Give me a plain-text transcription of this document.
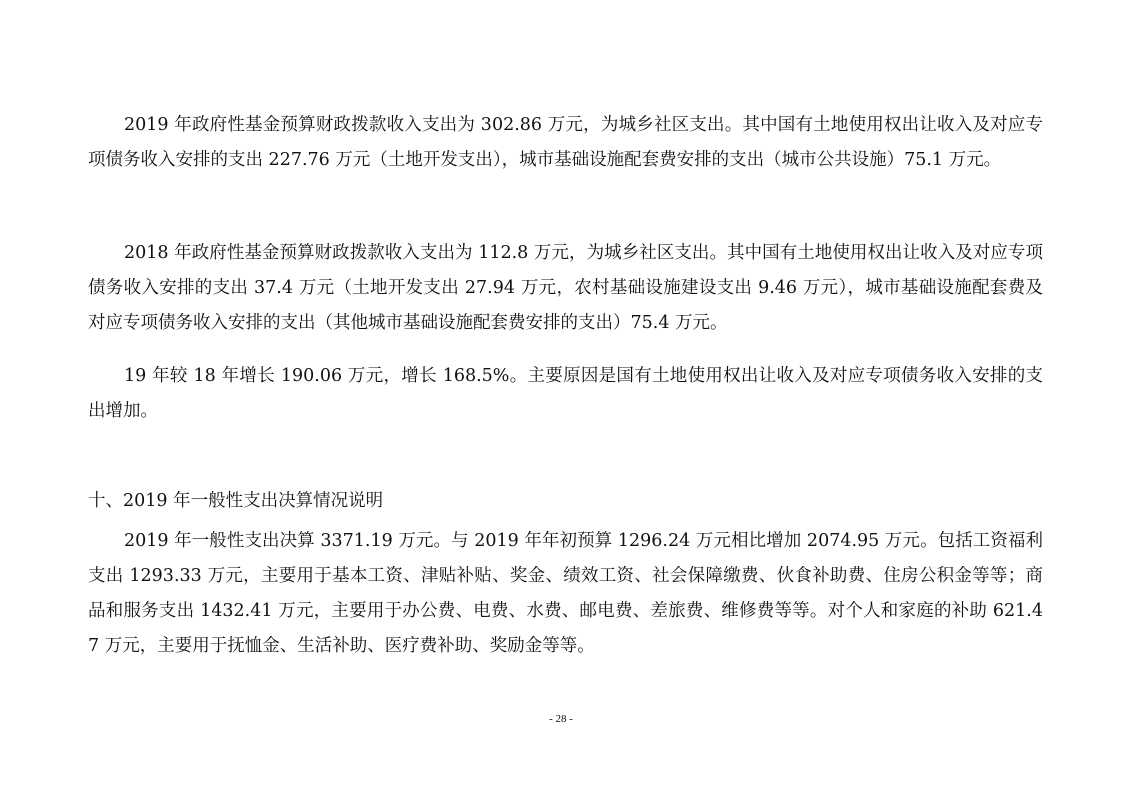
2019 年政府性基金预算财政拨款收入支出为 302.86 万元，为城乡社区支出。其中国有土地使用权出让收入及对应专项债务收入安排的支出 227.76 万元（土地开发支出），城市基础设施配套费安排的支出（城市公共设施）75.1 万元。

2018 年政府性基金预算财政拨款收入支出为 112.8 万元，为城乡社区支出。其中国有土地使用权出让收入及对应专项债务收入安排的支出 37.4 万元（土地开发支出 27.94 万元，农村基础设施建设支出 9.46 万元），城市基础设施配套费及对应专项债务收入安排的支出（其他城市基础设施配套费安排的支出）75.4 万元。

19 年较 18 年增长 190.06 万元，增长 168.5%。主要原因是国有土地使用权出让收入及对应专项债务收入安排的支出增加。

十、2019 年一般性支出决算情况说明

2019 年一般性支出决算 3371.19 万元。与 2019 年年初预算 1296.24 万元相比增加 2074.95 万元。包括工资福利支出 1293.33 万元，主要用于基本工资、津贴补贴、奖金、绩效工资、社会保障缴费、伙食补助费、住房公积金等等；商品和服务支出 1432.41 万元，主要用于办公费、电费、水费、邮电费、差旅费、维修费等等。对个人和家庭的补助 621.47 万元，主要用于抚恤金、生活补助、医疗费补助、奖励金等等。

- 28 -
